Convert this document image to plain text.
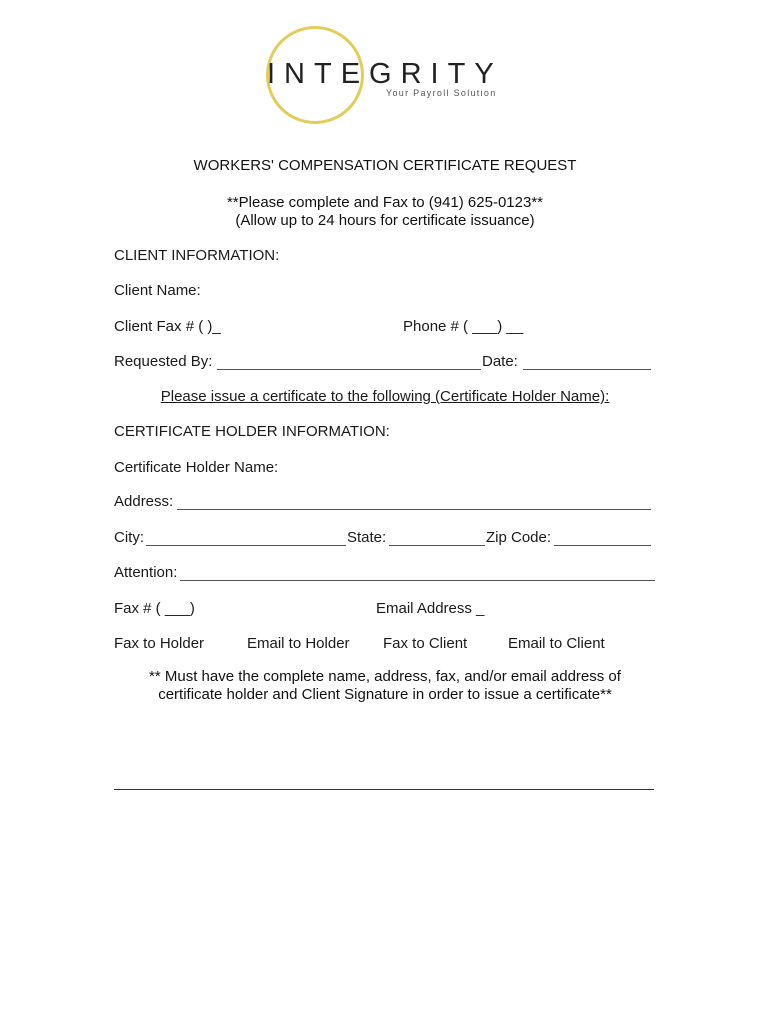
INTEGRITY
Your Payroll Solution
WORKERS' COMPENSATION CERTIFICATE REQUEST
**Please complete and Fax to (941) 625-0123**
(Allow up to 24 hours for certificate issuance)
CLIENT INFORMATION:
Client Name:
Client Fax # ( )_	Phone # ( ___) __
Requested By:	Date:
Please issue a certificate to the following (Certificate Holder Name):
CERTIFICATE HOLDER INFORMATION:
Certificate Holder Name:
Address:
City:	State:	Zip Code:
Attention:
Fax # ( ___)	Email Address _
Fax to Holder	Email to Holder Fax to Client	Email to Client
** Must have the complete name, address, fax, and/or email address of
certificate holder and Client Signature in order to issue a certificate**
